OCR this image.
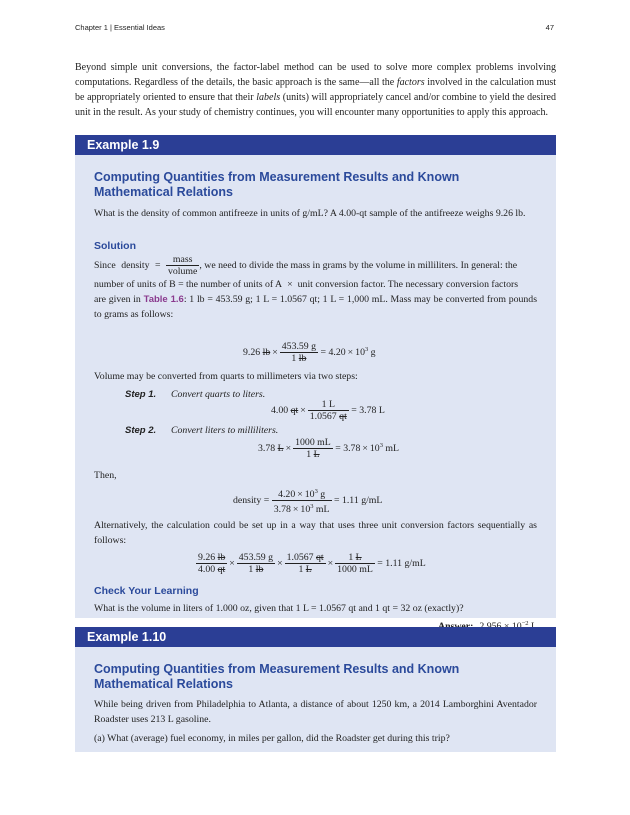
Chapter 1 | Essential Ideas	47

Beyond simple unit conversions, the factor-label method can be used to solve more complex problems involving computations. Regardless of the details, the basic approach is the same—all the factors involved in the calculation must be appropriately oriented to ensure that their labels (units) will appropriately cancel and/or combine to yield the desired unit in the result. As your study of chemistry continues, you will encounter many opportunities to apply this approach.

Example 1.9

Computing Quantities from Measurement Results and Known Mathematical Relations

What is the density of common antifreeze in units of g/mL? A 4.00-qt sample of the antifreeze weighs 9.26 lb.

Solution

Since density = $\frac{\text{mass}}{\text{volume}}$ , we need to divide the mass in grams by the volume in milliliters. In general: the
number of units of B = the number of units of A × unit conversion factor. The necessary conversion factors
are given in Table 1.6: 1 lb = 453.59 g; 1 L = 1.0567 qt; 1 L = 1,000 mL. Mass may be converted from pounds to grams as follows:
9.26 lb × $\frac{453.59 g}{1 lb} = 4.20 \times 10^3$ g

Volume may be converted from quarts to millimeters via two steps:

Step 1. Convert quarts to liters.
4.00 qt × $\frac{1 L}{1.0567 qt} = 3.78$ L
Step 2. Convert liters to milliliters.
3.78 $L \times \frac{1000 mL}{1 L} = 3.78 \times 10^3$ mL

Then,

density = $\frac{4.20 \times 10^3 g}{3.78 \times 10^3 mL} = 1.11$ g/mL

Alternatively, the calculation could be set up in a way that uses three unit conversion factors sequentially as follows:

$\frac{9.26 lb}{4.00 qt} \times \frac{453.59 g}{1 lb} \times \frac{1.0567 qt}{1 L} \times \frac{1 L}{1000 mL} = 1.11$ g/mL

Check Your Learning

What is the volume in liters of 1.000 oz, given that 1 L = 1.0567 qt and 1 qt = 32 oz (exactly)?

$^{-2}$
Example 1.10

Computing Quantities from Measurement Results and Known Mathematical Relations

While being driven from Philadelphia to Atlanta, a distance of about 1250 km, a 2014 Lamborghini Aventador Roadster uses 213 L gasoline.

(a) What (average) fuel economy, in miles per gallon, did the Roadster get during this trip?
